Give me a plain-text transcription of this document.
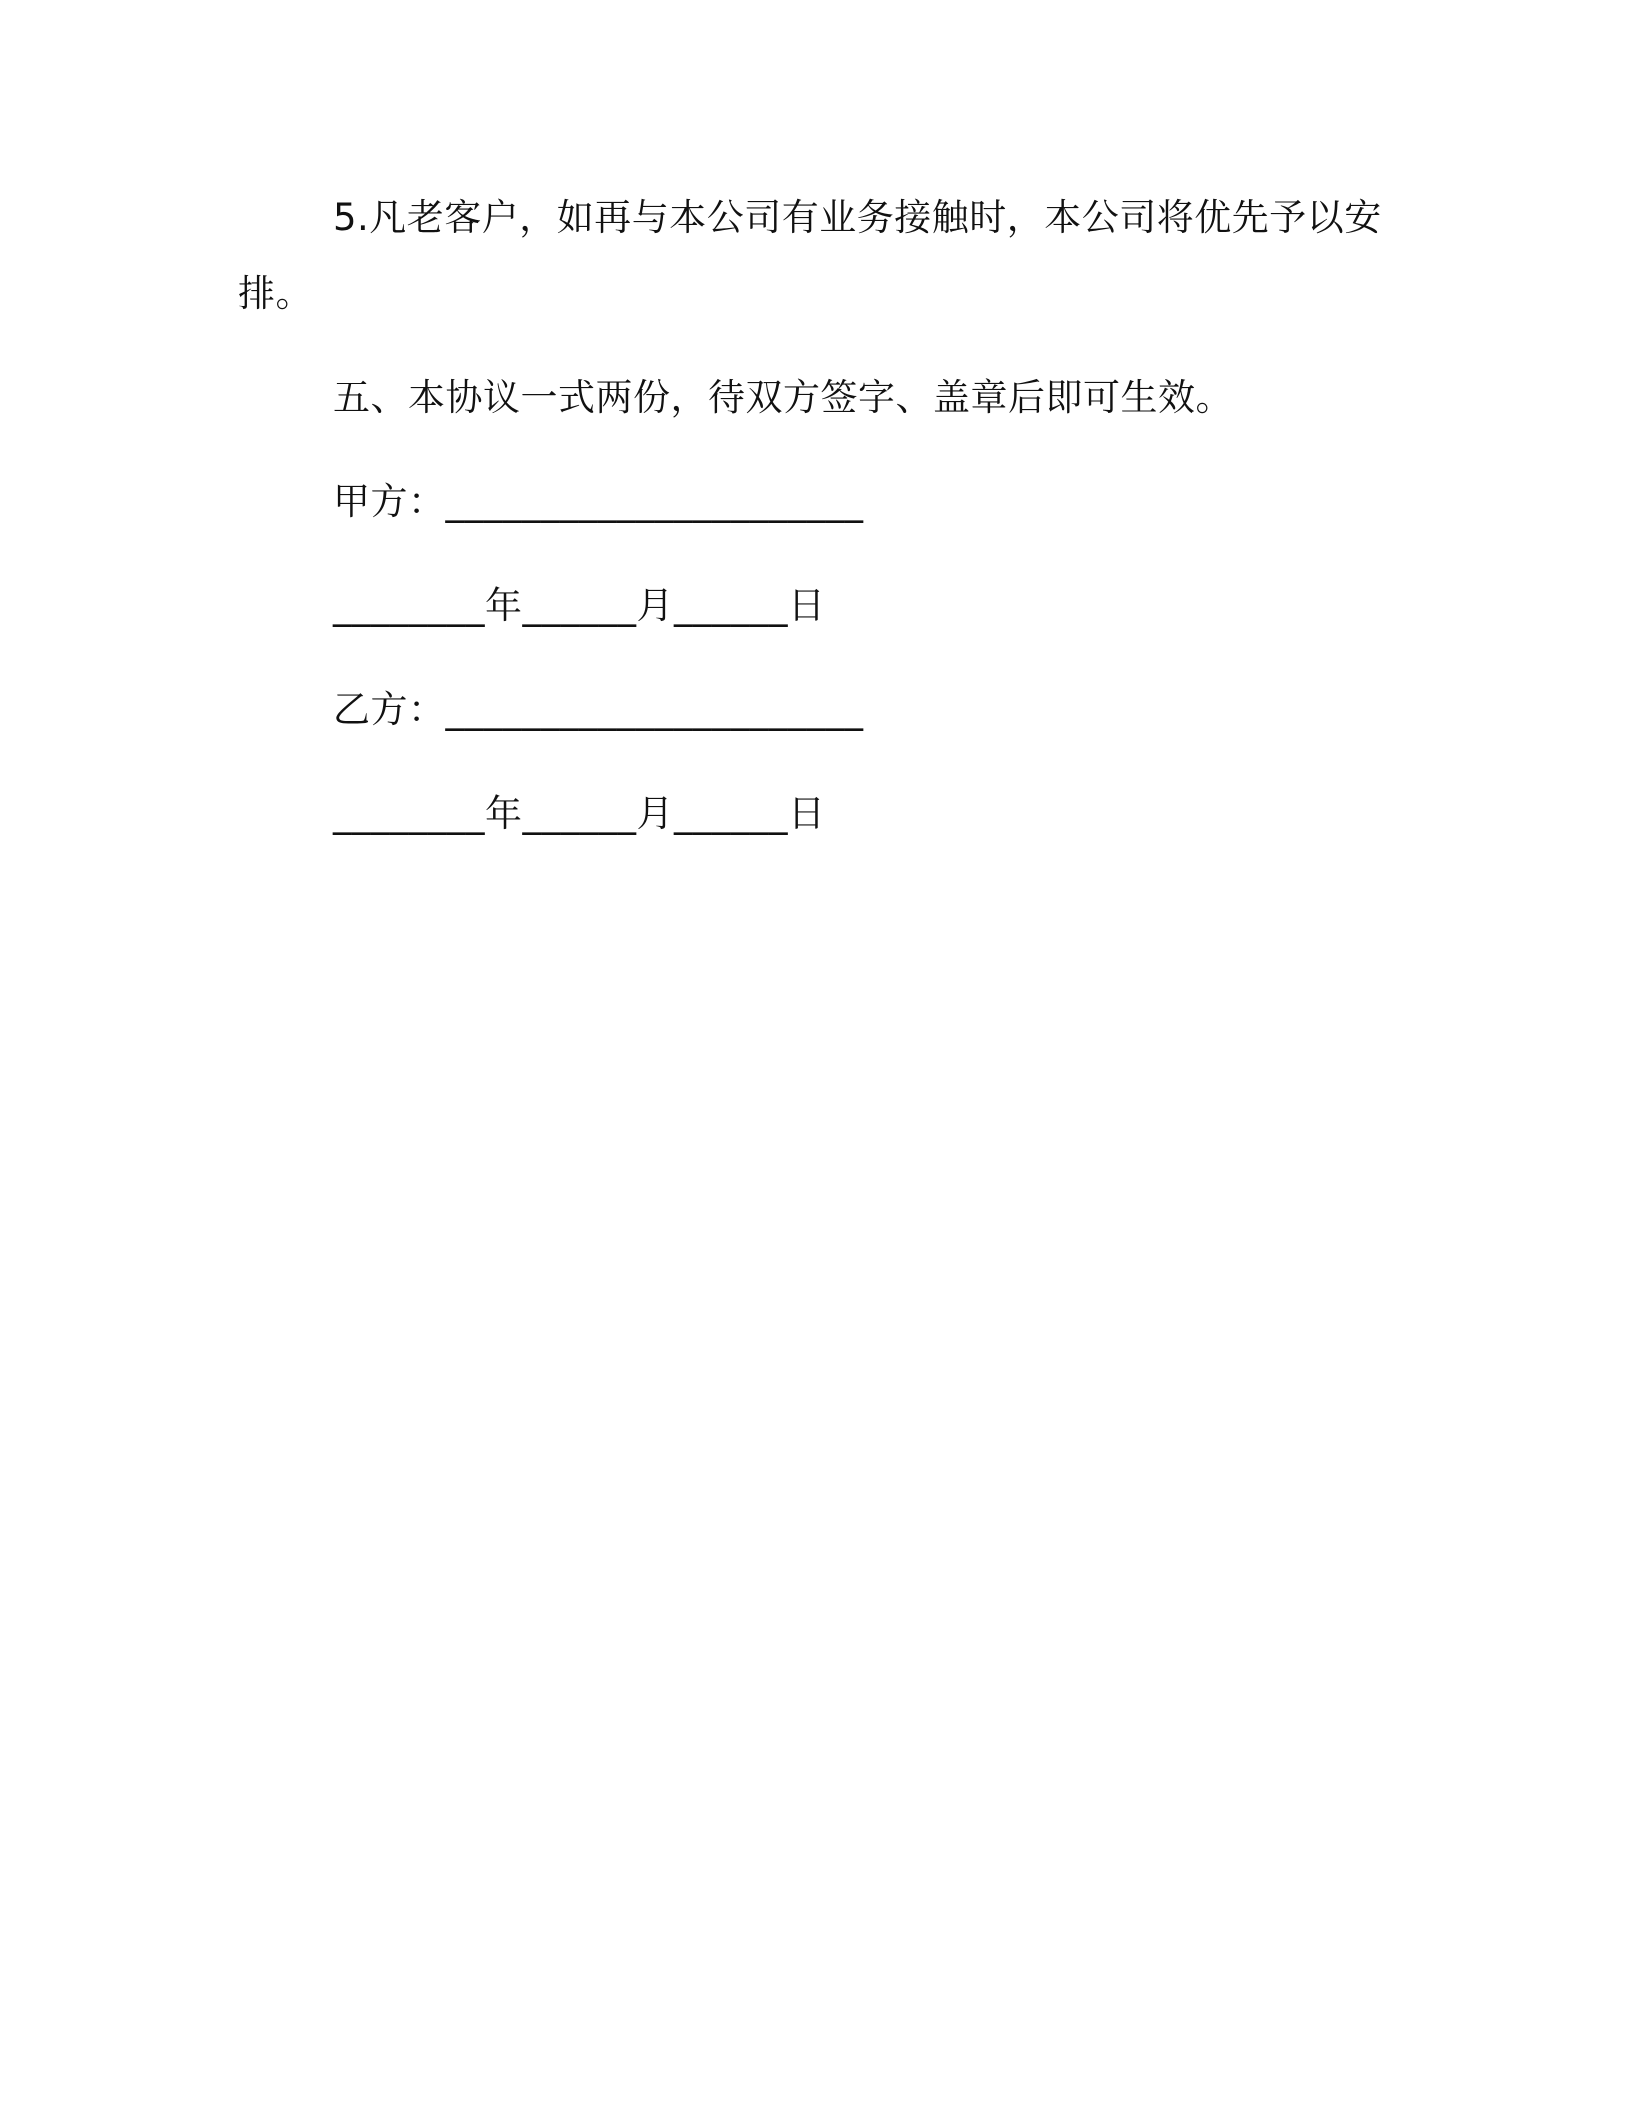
5.凡老客户，如再与本公司有业务接触时，本公司将优先予以安
排。
五、本协议一式两份，待双方签字、盖章后即可生效。
甲方：______________________
________年______月______日
乙方：______________________
________年______月______日
